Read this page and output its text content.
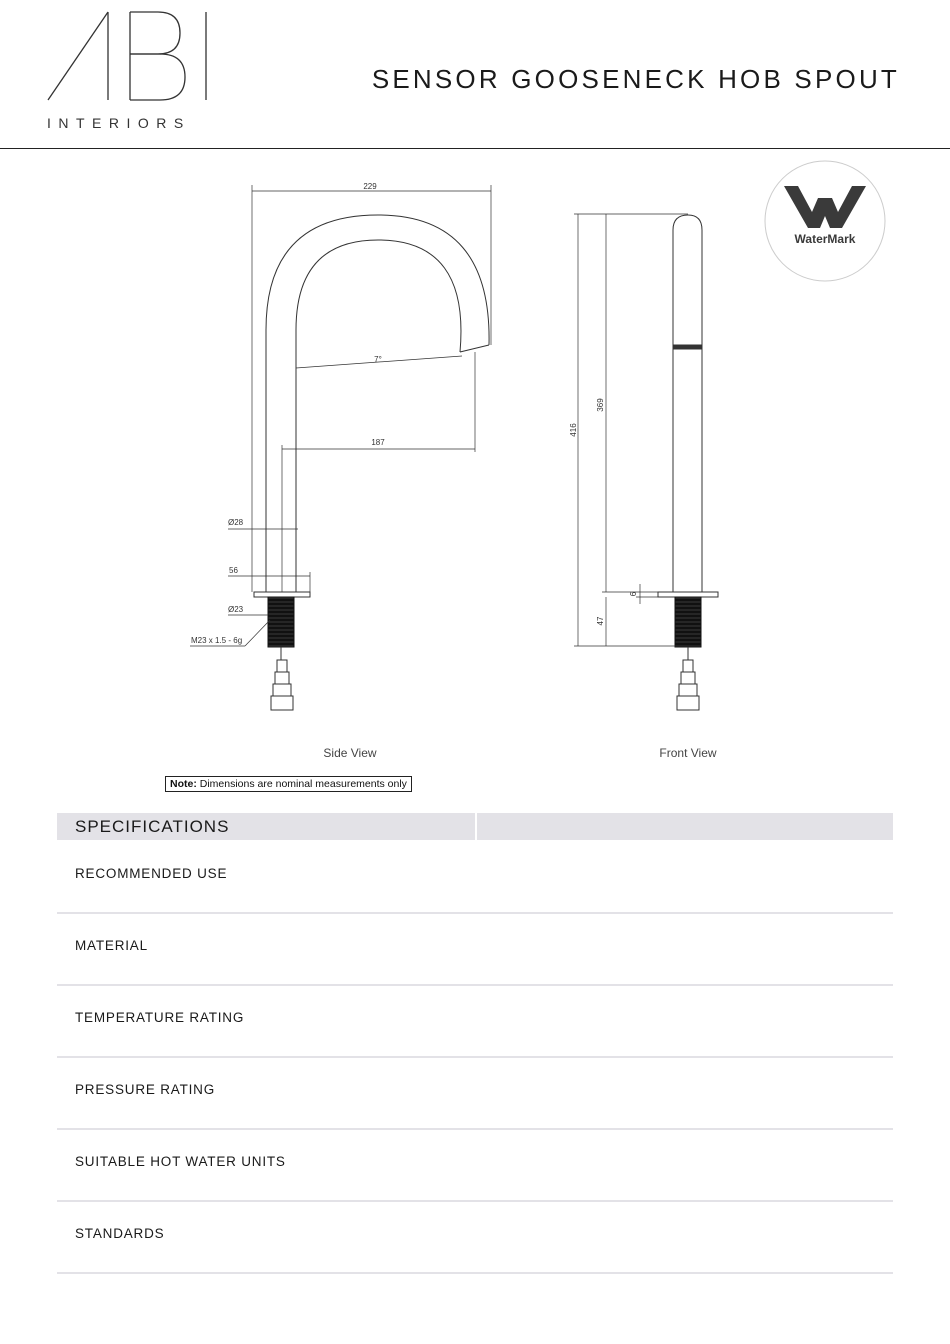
INTERIORS
SENSOR GOOSENECK HOB SPOUT
229
7°
187
Ø28
56
Ø23
M23 x 1.5 - 6g
416
369
6
47
Side View	Front View
WaterMark
Note: Dimensions are nominal measurements only
SPECIFICATIONS
RECOMMENDED USE
MATERIAL
TEMPERATURE RATING
PRESSURE RATING
SUITABLE HOT WATER UNITS
STANDARDS
